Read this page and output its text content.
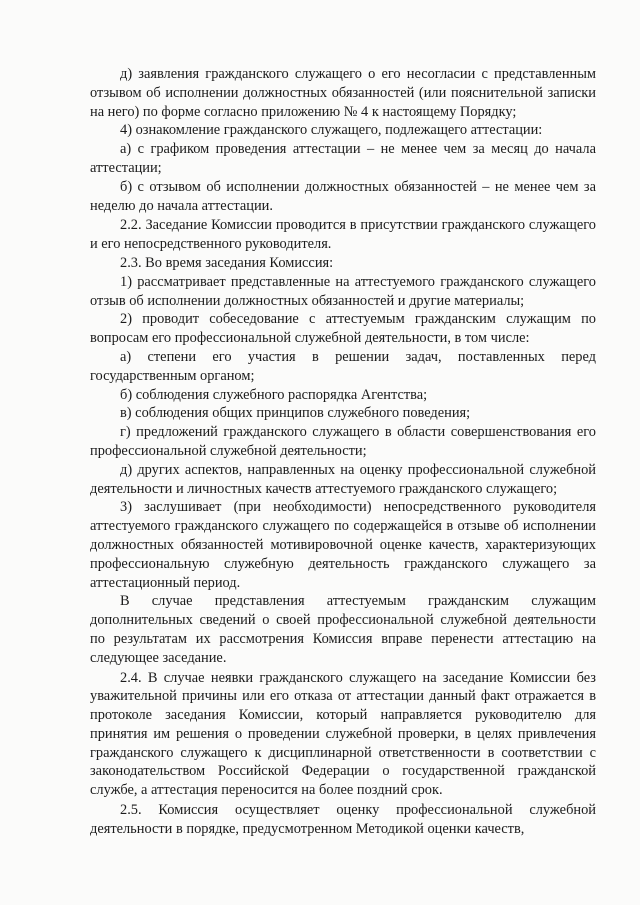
д) заявления гражданского служащего о его несогласии с представленным отзывом об исполнении должностных обязанностей (или пояснительной записки на него) по форме согласно приложению № 4 к настоящему Порядку;

4) ознакомление гражданского служащего, подлежащего аттестации:

а) с графиком проведения аттестации – не менее чем за месяц до начала аттестации;

б) с отзывом об исполнении должностных обязанностей – не менее чем за неделю до начала аттестации.

2.2. Заседание Комиссии проводится в присутствии гражданского служащего и его непосредственного руководителя.

2.3. Во время заседания Комиссия:

1) рассматривает представленные на аттестуемого гражданского служащего отзыв об исполнении должностных обязанностей и другие материалы;

2) проводит собеседование с аттестуемым гражданским служащим по вопросам его профессиональной служебной деятельности, в том числе:

а) степени его участия в решении задач, поставленных перед государственным органом;

б) соблюдения служебного распорядка Агентства;

в) соблюдения общих принципов служебного поведения;

г) предложений гражданского служащего в области совершенствования его профессиональной служебной деятельности;

д) других аспектов, направленных на оценку профессиональной служебной деятельности и личностных качеств аттестуемого гражданского служащего;

3) заслушивает (при необходимости) непосредственного руководителя аттестуемого гражданского служащего по содержащейся в отзыве об исполнении должностных обязанностей мотивировочной оценке качеств, характеризующих профессиональную служебную деятельность гражданского служащего за аттестационный период.

В случае представления аттестуемым гражданским служащим дополнительных сведений о своей профессиональной служебной деятельности по результатам их рассмотрения Комиссия вправе перенести аттестацию на следующее заседание.

2.4. В случае неявки гражданского служащего на заседание Комиссии без уважительной причины или его отказа от аттестации данный факт отражается в протоколе заседания Комиссии, который направляется руководителю для принятия им решения о проведении служебной проверки, в целях привлечения гражданского служащего к дисциплинарной ответственности в соответствии с законодательством Российской Федерации о государственной гражданской службе, а аттестация переносится на более поздний срок.

2.5. Комиссия осуществляет оценку профессиональной служебной деятельности в порядке, предусмотренном Методикой оценки качеств,
